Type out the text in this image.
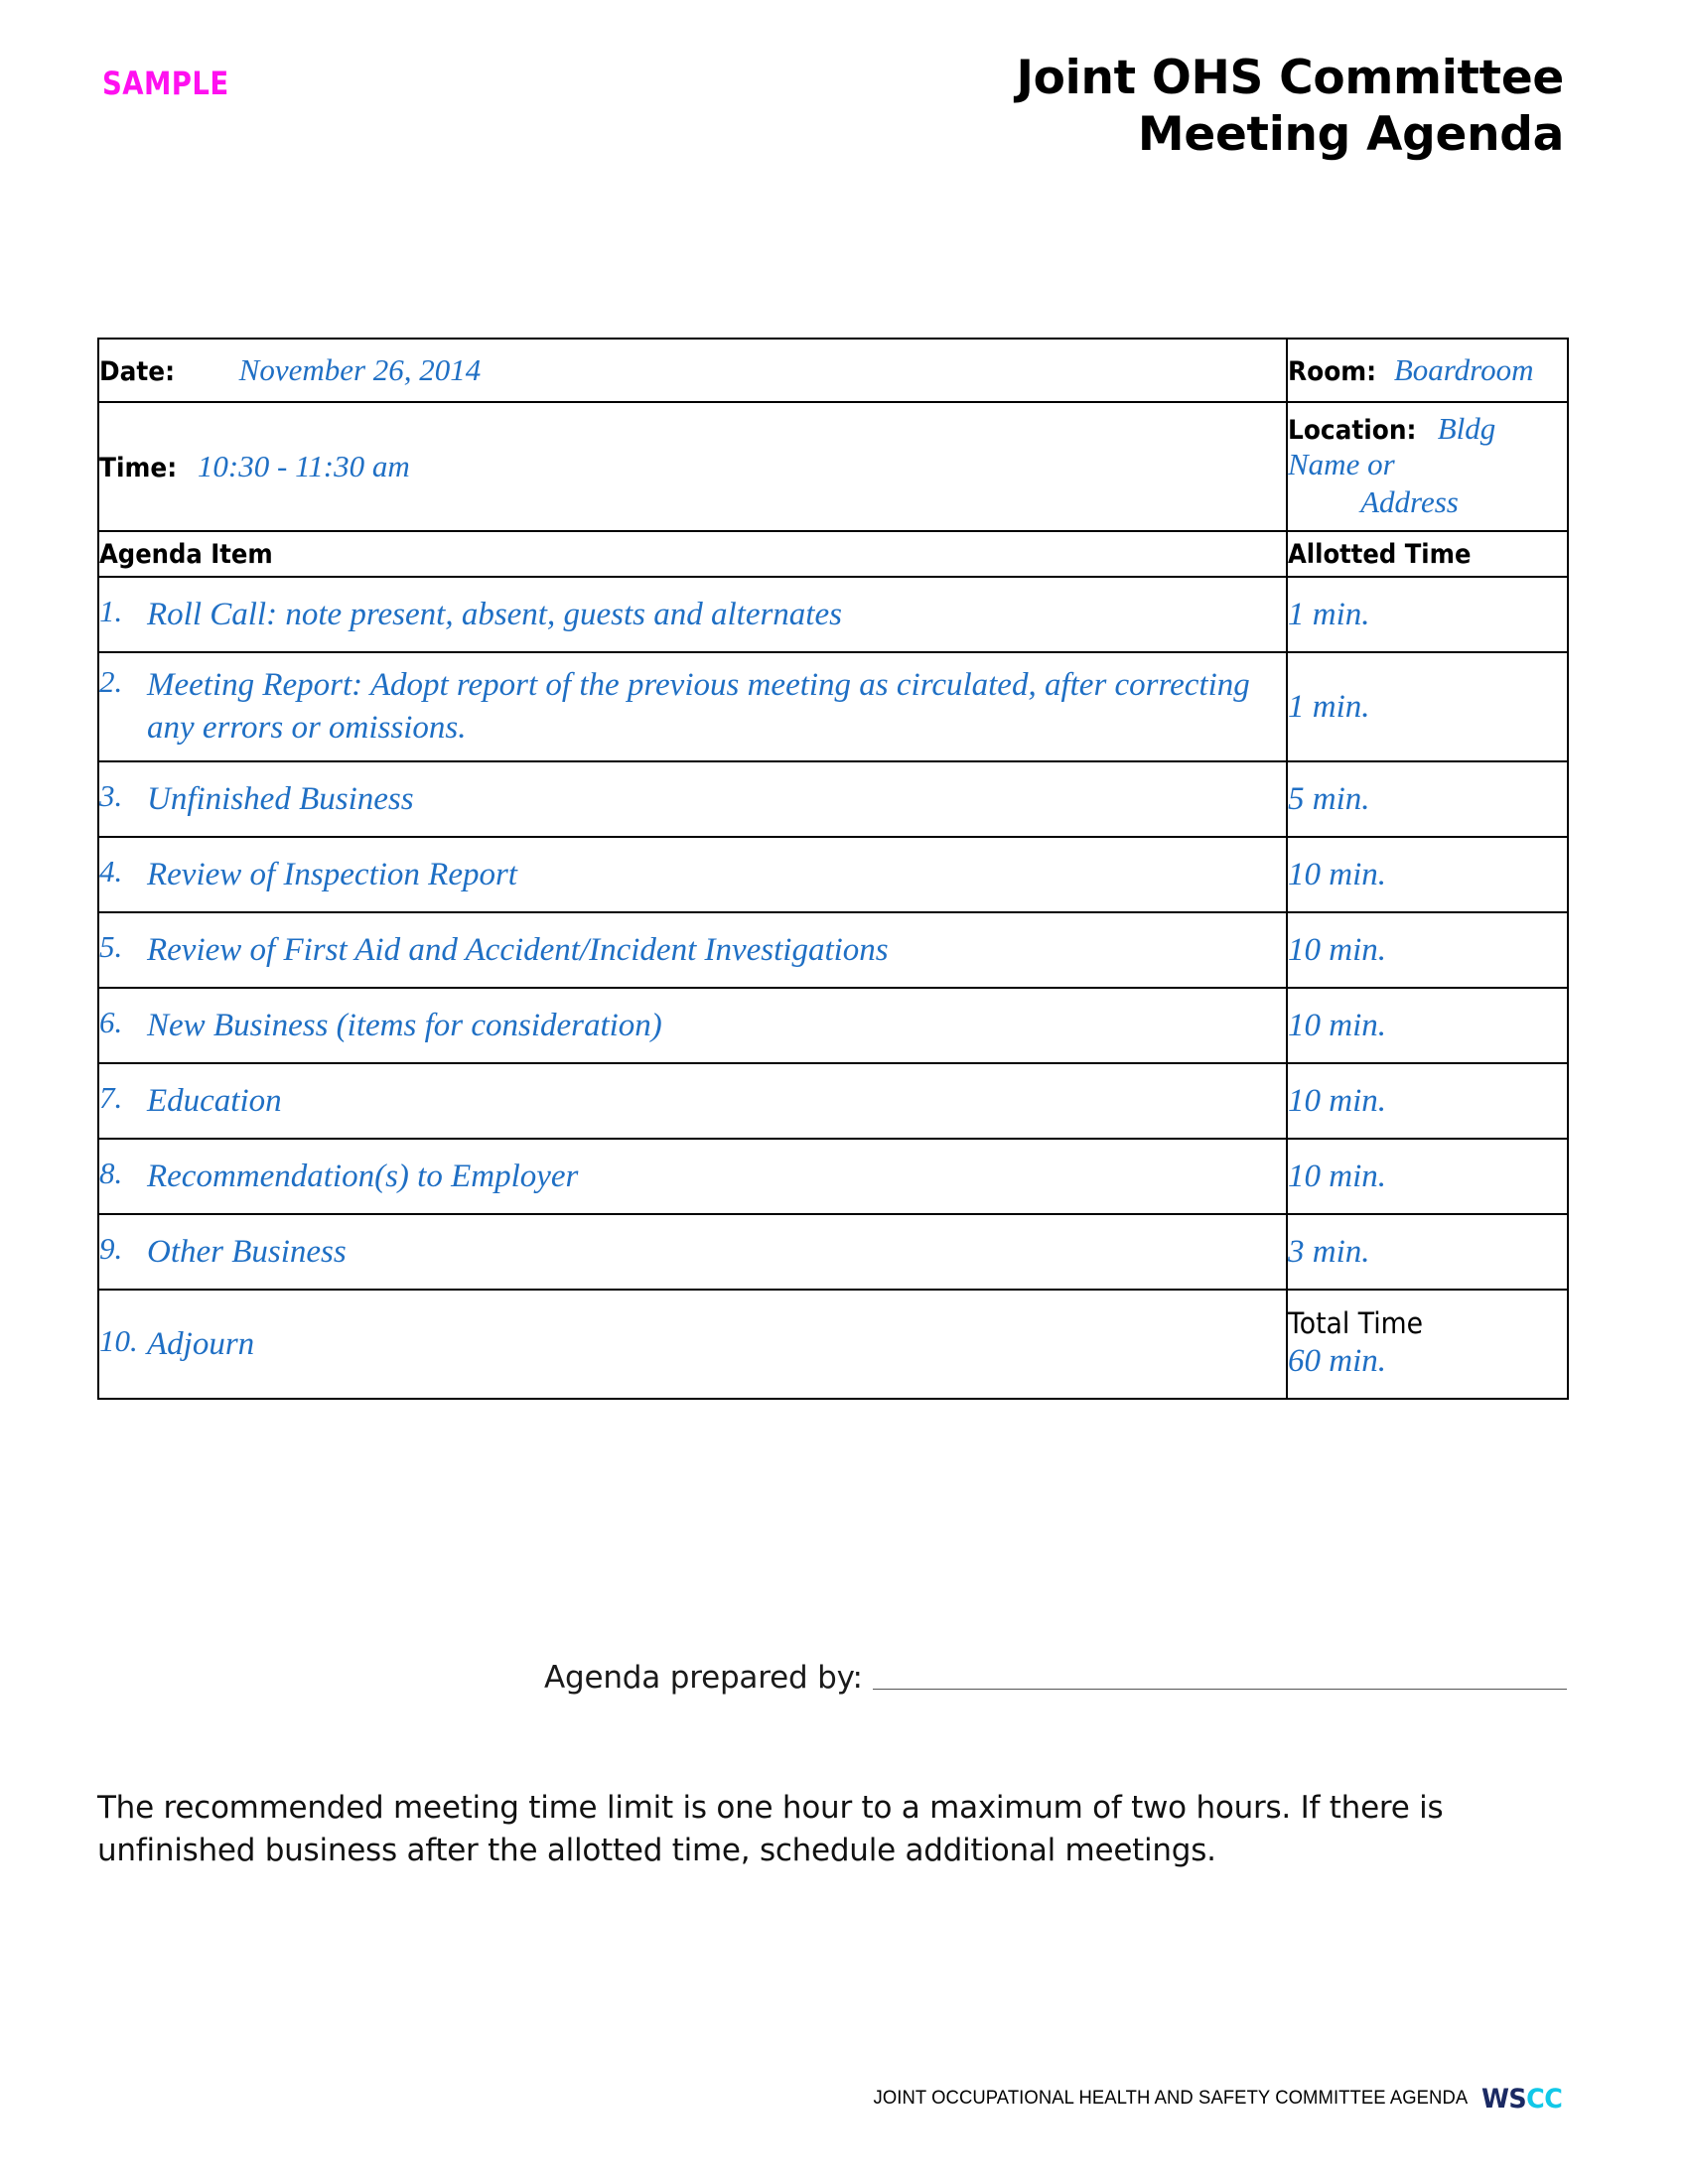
SAMPLE	Joint OHS Committee
Meeting Agenda
Date: November 26, 2014	Room: Boardroom
Time: 10:30 - 11:30 am	Location: Bldg Name or
Address

Agenda Item	Allotted Time
1. Roll Call: note present, absent, guests and alternates	1 min.
2. Meeting Report: Adopt report of the previous meeting as circulated, after correcting any errors or omissions.	1 min.
3. Unfinished Business	5 min.
4. Review of Inspection Report	10 min.
5. Review of First Aid and Accident/Incident Investigations	10 min.
6. New Business (items for consideration)	10 min.
7. Education	10 min.
8. Recommendation(s) to Employer	10 min.
9. Other Business	3 min.
10. Adjourn	Total Time
60 min.
Agenda prepared by:
The recommended meeting time limit is one hour to a maximum of two hours. If there is unfinished business after the allotted time, schedule additional meetings.
JOINT OCCUPATIONAL HEALTH AND SAFETY COMMITTEE AGENDA WSCC
